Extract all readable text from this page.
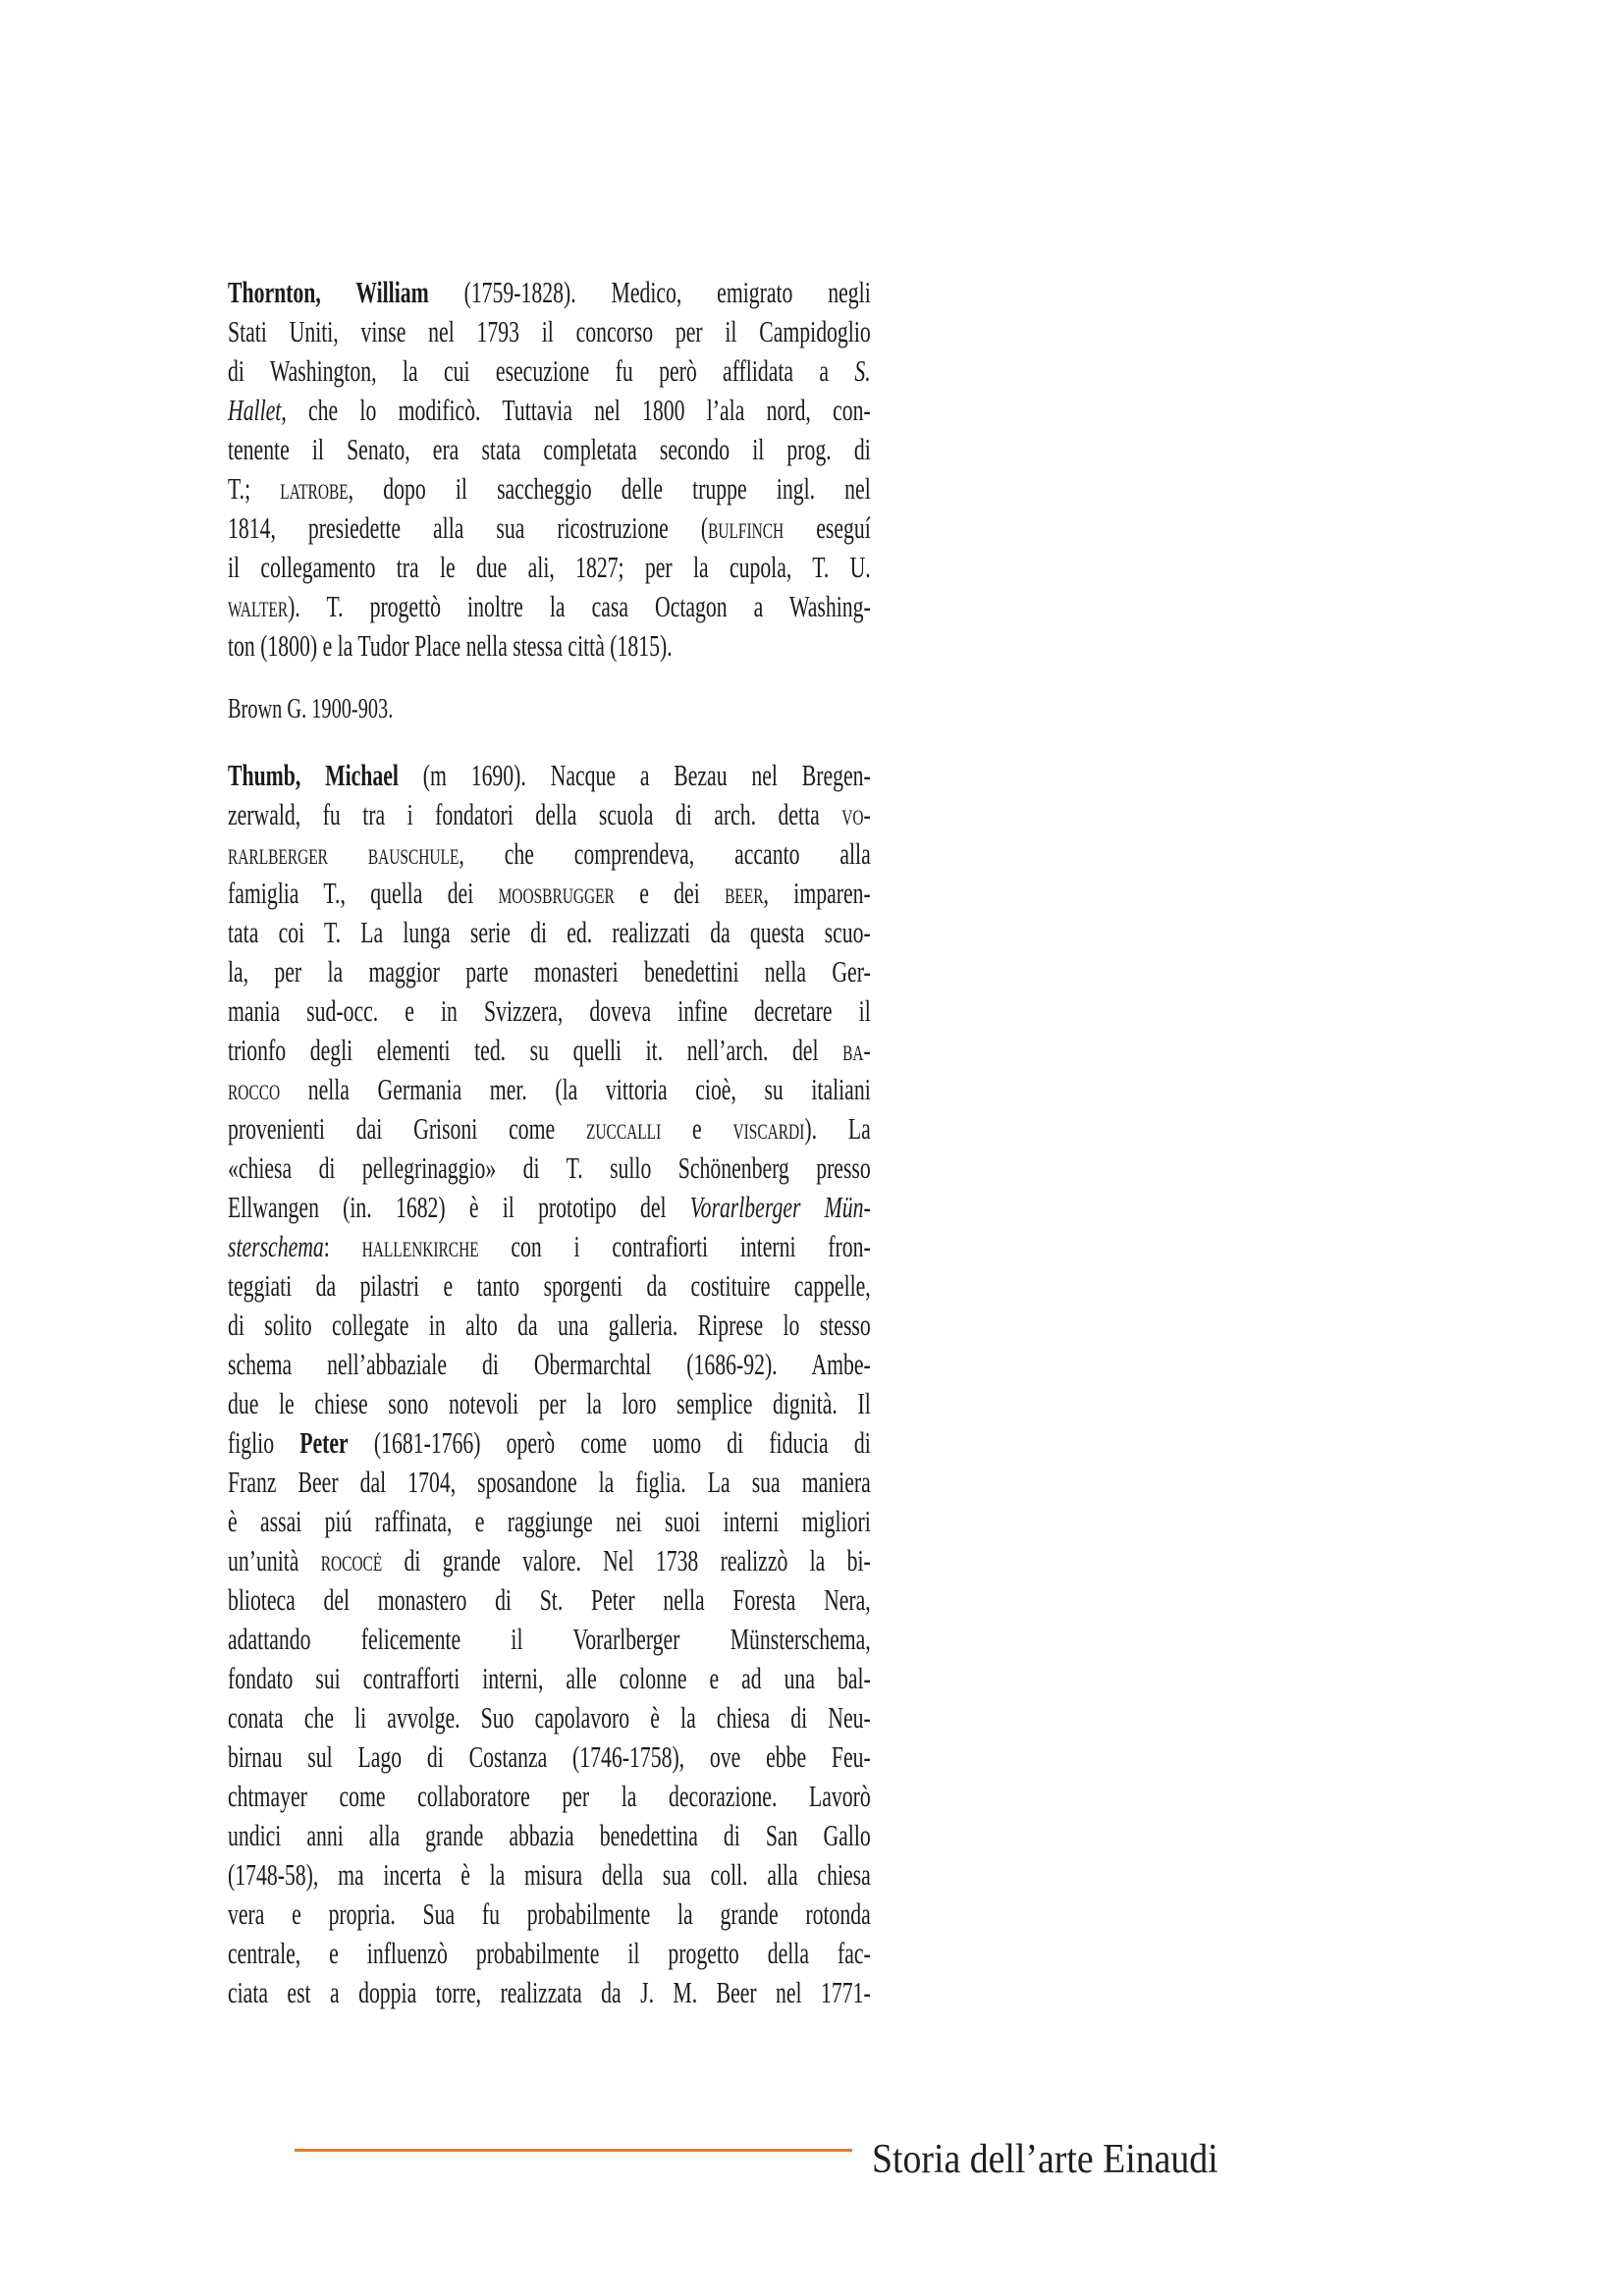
Thornton, William (1759-1828). Medico, emigrato negli
Stati Uniti, vinse nel 1793 il concorso per il Campidoglio
di Washington, la cui esecuzione fu però afflidata a S.
Hallet, che lo modificò. Tuttavia nel 1800 l’ala nord, con-
tenente il Senato, era stata completata secondo il prog. di
T.; latrobe, dopo il saccheggio delle truppe ingl. nel
1814, presiedette alla sua ricostruzione (bulfinch eseguí
il collegamento tra le due ali, 1827; per la cupola, T. U.
walter). T. progettò inoltre la casa Octagon a Washing-
ton (1800) e la Tudor Place nella stessa città (1815).
Brown G. 1900-903.
Thumb, Michael (m 1690). Nacque a Bezau nel Bregen-
zerwald, fu tra i fondatori della scuola di arch. detta vo-
rarlberger bauschule, che comprendeva, accanto alla
famiglia T., quella dei moosbrugger e dei beer, imparen-
tata coi T. La lunga serie di ed. realizzati da questa scuo-
la, per la maggior parte monasteri benedettini nella Ger-
mania sud-occ. e in Svizzera, doveva infine decretare il
trionfo degli elementi ted. su quelli it. nell’arch. del ba-
rocco nella Germania mer. (la vittoria cioè, su italiani
provenienti dai Grisoni come zuccalli e viscardi). La
«chiesa di pellegrinaggio» di T. sullo Schönenberg presso
Ellwangen (in. 1682) è il prototipo del Vorarlberger Mün-
sterschema: hallenkirche con i contrafiorti interni fron-
teggiati da pilastri e tanto sporgenti da costituire cappelle,
di solito collegate in alto da una galleria. Riprese lo stesso
schema nell’abbaziale di Obermarchtal (1686-92). Ambe-
due le chiese sono notevoli per la loro semplice dignità. Il
figlio Peter (1681-1766) operò come uomo di fiducia di
Franz Beer dal 1704, sposandone la figlia. La sua maniera
è assai piú raffinata, e raggiunge nei suoi interni migliori
un’unità rococė di grande valore. Nel 1738 realizzò la bi-
blioteca del monastero di St. Peter nella Foresta Nera,
adattando felicemente il Vorarlberger Münsterschema,
fondato sui contrafforti interni, alle colonne e ad una bal-
conata che li avvolge. Suo capolavoro è la chiesa di Neu-
birnau sul Lago di Costanza (1746-1758), ove ebbe Feu-
chtmayer come collaboratore per la decorazione. Lavorò
undici anni alla grande abbazia benedettina di San Gallo
(1748-58), ma incerta è la misura della sua coll. alla chiesa
vera e propria. Sua fu probabilmente la grande rotonda
centrale, e influenzò probabilmente il progetto della fac-
ciata est a doppia torre, realizzata da J. M. Beer nel 1771-
Storia dell’arte Einaudi
